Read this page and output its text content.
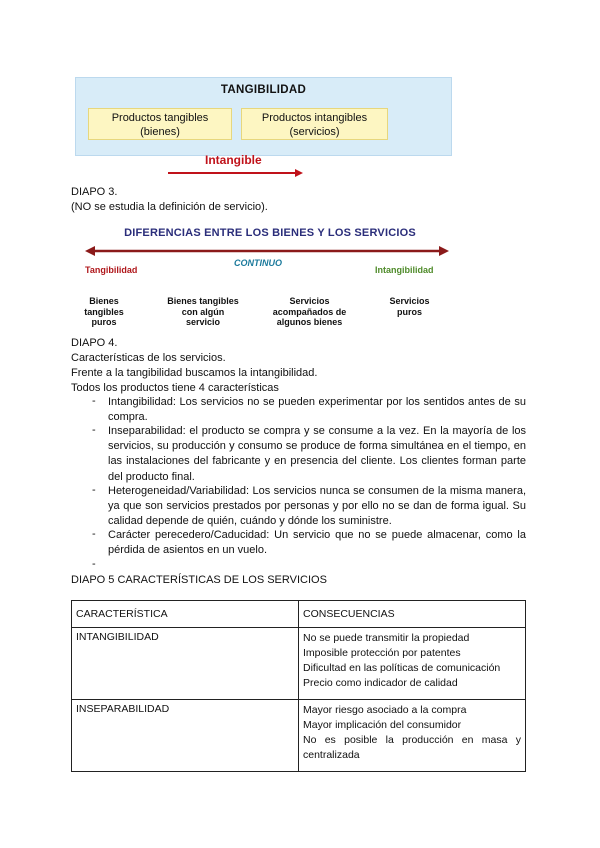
TANGIBILIDAD
Productos tangibles
(bienes)
Productos intangibles
(servicios)
Intangible
DIAPO 3.
(NO se estudia la definición de servicio).
DIFERENCIAS ENTRE LOS BIENES Y LOS SERVICIOS
Tangibilidad
CONTINUO
Intangibilidad
Bienes
tangibles
puros
Bienes tangibles
con algún
servicio
Servicios
acompañados de
algunos bienes
Servicios
puros
DIAPO 4.
Características de los servicios.
Frente a la tangibilidad buscamos la intangibilidad.
Todos los productos tiene 4 características
- Intangibilidad: Los servicios no se pueden experimentar por los sentidos antes de su compra.
- Inseparabilidad: el producto se compra y se consume a la vez. En la mayoría de los servicios, su producción y consumo se produce de forma simultánea en el tiempo, en las instalaciones del fabricante y en presencia del cliente. Los clientes forman parte del producto final.
- Heterogeneidad/Variabilidad: Los servicios nunca se consumen de la misma manera, ya que son servicios prestados por personas y por ello no se dan de forma igual. Su calidad depende de quién, cuándo y dónde los suministre.
- Carácter perecedero/Caducidad: Un servicio que no se puede almacenar, como la pérdida de asientos en un vuelo.
-
DIAPO 5 CARACTERÍSTICAS DE LOS SERVICIOS
CARACTERÍSTICA	CONSECUENCIAS
INTANGIBILIDAD	No se puede transmitir la propiedad
Imposible protección por patentes
Dificultad en las políticas de comunicación
Precio como indicador de calidad

INSEPARABILIDAD	Mayor riesgo asociado a la compra
Mayor implicación del consumidor
No es posible la producción en masa y
centralizada
